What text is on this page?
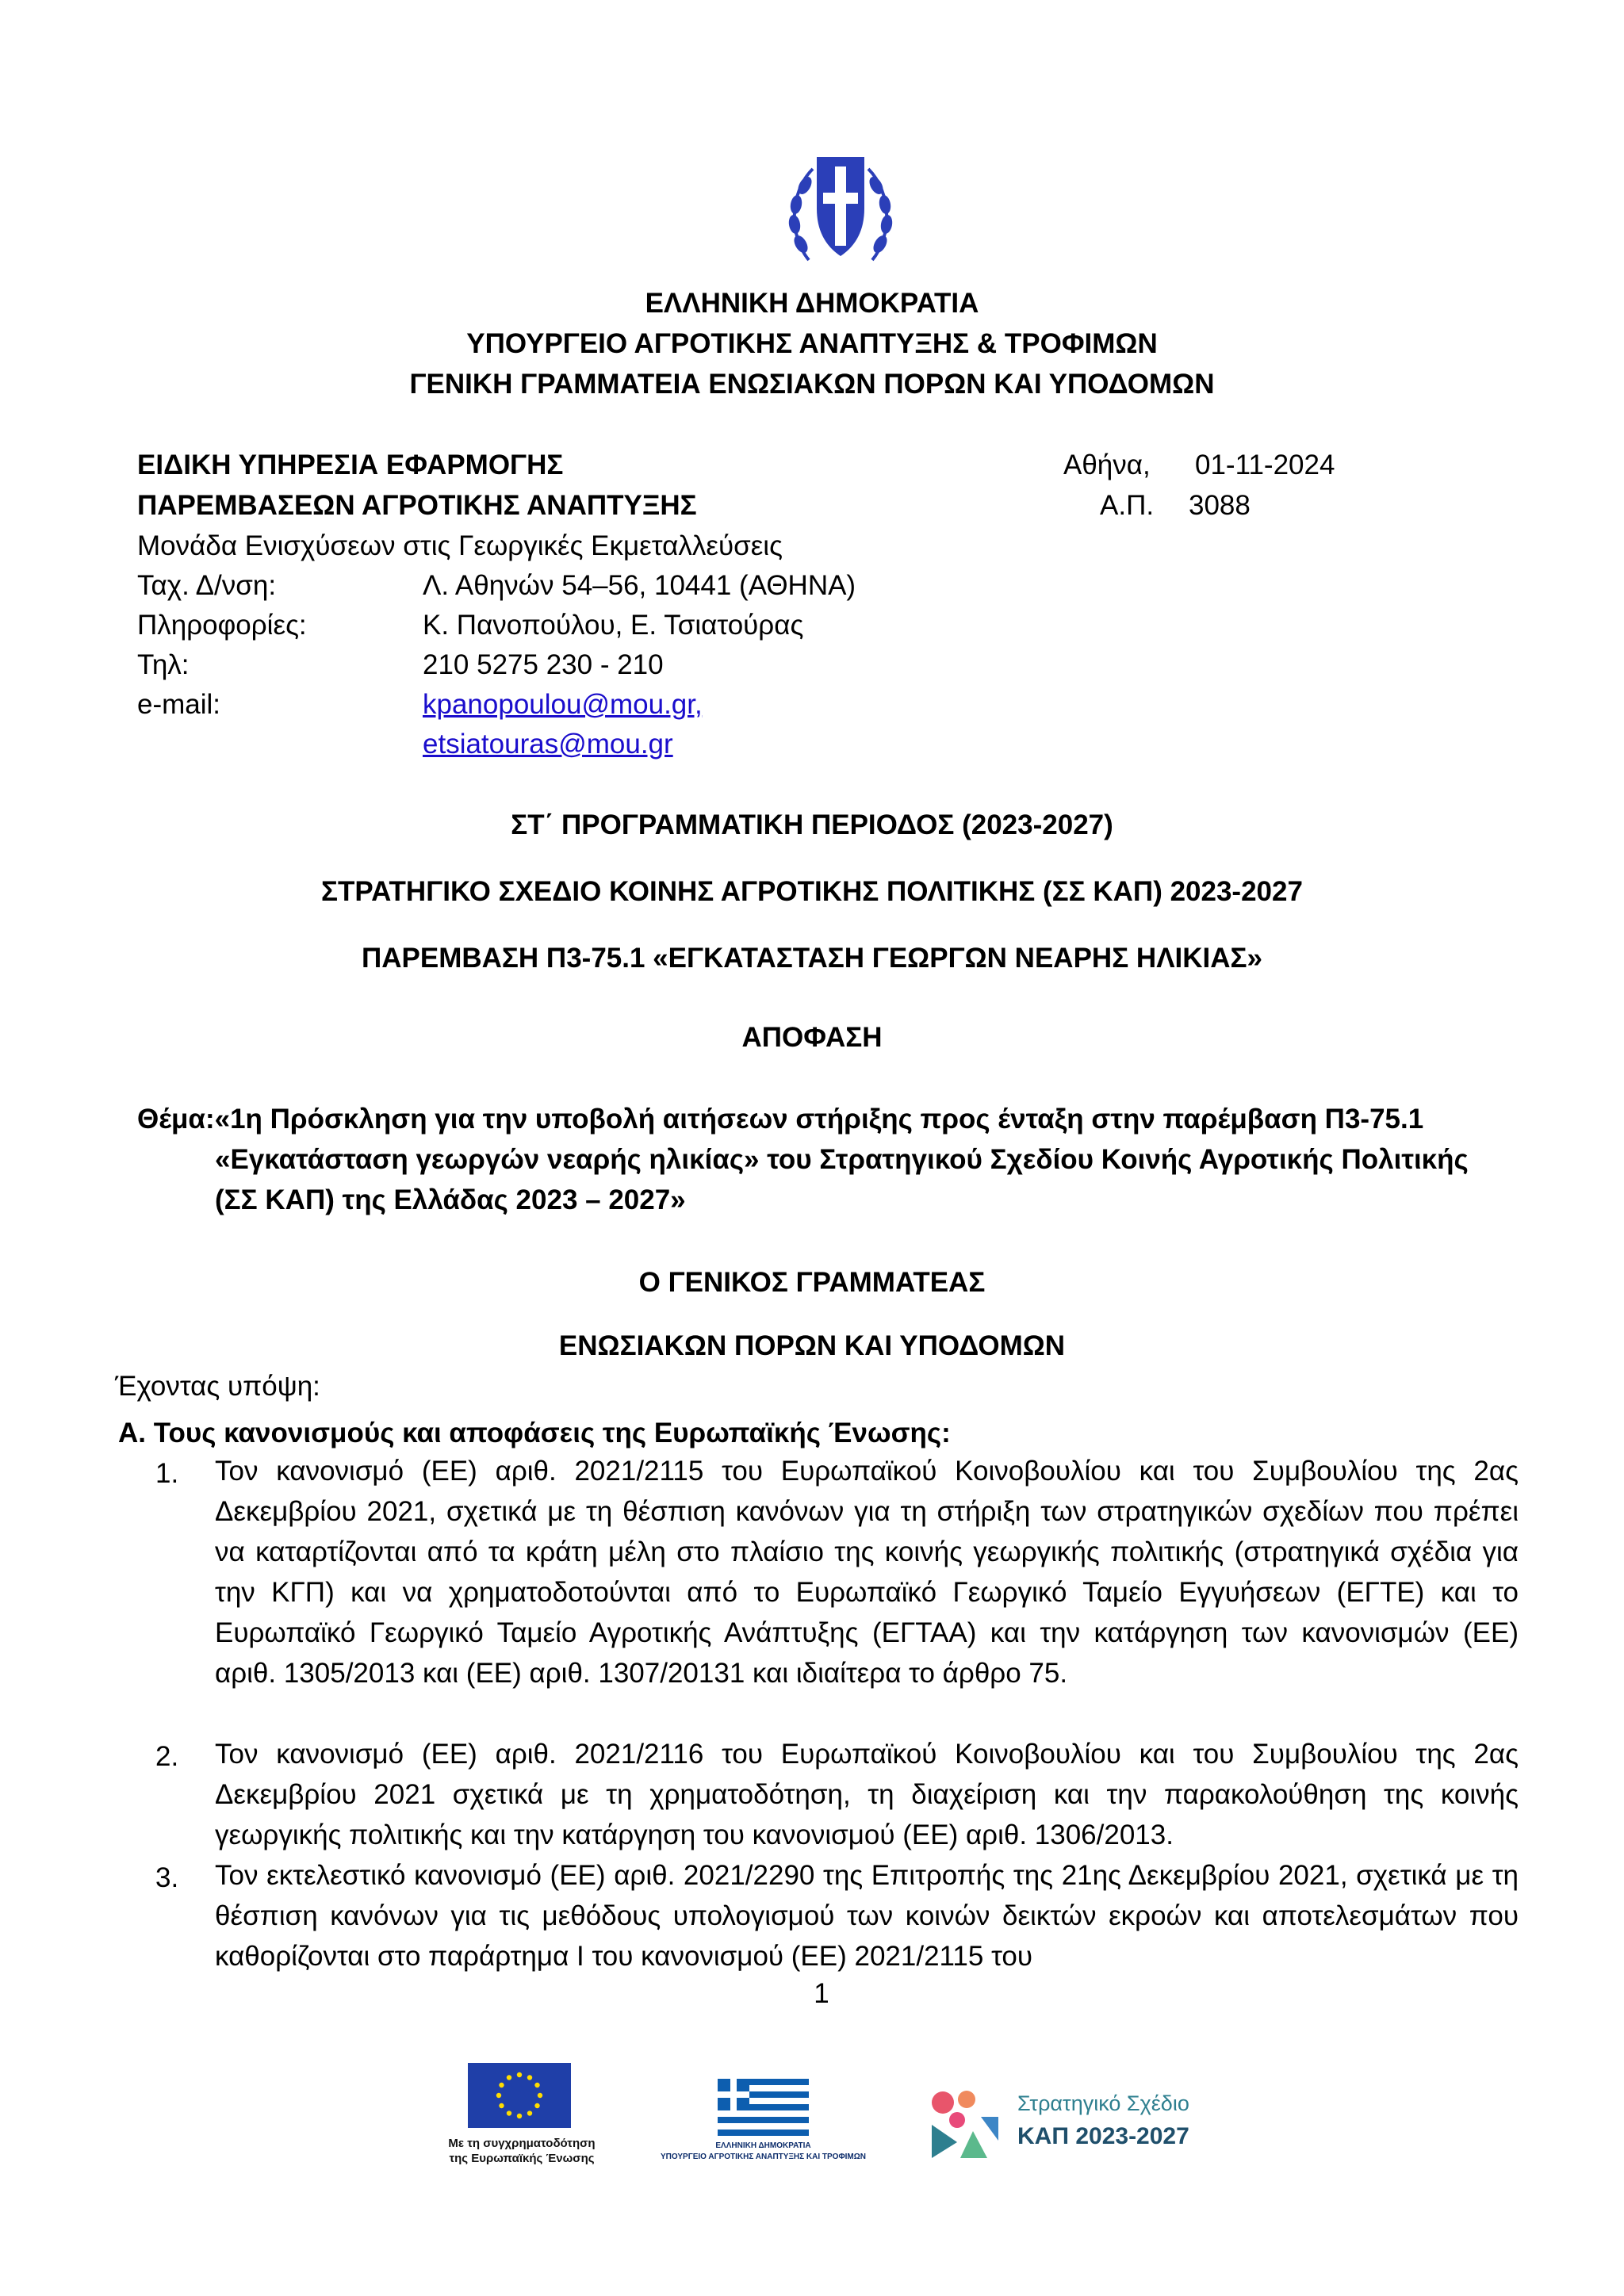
ΕΛΛΗΝΙΚΗ ΔΗΜΟΚΡΑΤΙΑ
ΥΠΟΥΡΓΕΙΟ ΑΓΡΟΤΙΚΗΣ ΑΝΑΠΤΥΞΗΣ & ΤΡΟΦΙΜΩΝ
ΓΕΝΙΚΗ ΓΡΑΜΜΑΤΕΙΑ ΕΝΩΣΙΑΚΩΝ ΠΟΡΩΝ ΚΑΙ ΥΠΟΔΟΜΩΝ
ΕΙΔΙΚΗ ΥΠΗΡΕΣΙΑ ΕΦΑΡΜΟΓΗΣ
ΠΑΡΕΜΒΑΣΕΩΝ ΑΓΡΟΤΙΚΗΣ ΑΝΑΠΤΥΞΗΣ
Μονάδα Ενισχύσεων στις Γεωργικές Εκμεταλλεύσεις
Ταχ. Δ/νση:	Λ. Αθηνών 54–56, 10441 (ΑΘΗΝΑ)
Πληροφορίες:	Κ. Πανοπούλου, Ε. Τσιατούρας
Τηλ:	210 5275 230 - 210
e-mail:	kpanopoulou@mou.gr,
etsiatouras@mou.gr
Αθήνα, 01-11-2024
Α.Π. 3088
ΣΤ΄ ΠΡΟΓΡΑΜΜΑΤΙΚΗ ΠΕΡΙΟΔΟΣ (2023-2027)
ΣΤΡΑΤΗΓΙΚΟ ΣΧΕΔΙΟ ΚΟΙΝΗΣ ΑΓΡΟΤΙΚΗΣ ΠΟΛΙΤΙΚΗΣ (ΣΣ ΚΑΠ) 2023-2027
ΠΑΡΕΜΒΑΣΗ Π3-75.1 «ΕΓΚΑΤΑΣΤΑΣΗ ΓΕΩΡΓΩΝ ΝΕΑΡΗΣ ΗΛΙΚΙΑΣ»
ΑΠΟΦΑΣΗ
Θέμα:«1η Πρόσκληση για την υποβολή αιτήσεων στήριξης προς ένταξη στην παρέμβαση Π3-75.1
«Εγκατάσταση γεωργών νεαρής ηλικίας» του Στρατηγικού Σχεδίου Κοινής Αγροτικής Πολιτικής
(ΣΣ ΚΑΠ) της Ελλάδας 2023 – 2027»
Ο ΓΕΝΙΚΟΣ ΓΡΑΜΜΑΤΕΑΣ
ΕΝΩΣΙΑΚΩΝ ΠΟΡΩΝ ΚΑΙ ΥΠΟΔΟΜΩΝ
Έχοντας υπόψη:
Α. Τους κανονισμούς και αποφάσεις της Ευρωπαϊκής Ένωσης:
1.	Τον κανονισμό (ΕΕ) αριθ. 2021/2115 του Ευρωπαϊκού Κοινοβουλίου και του Συμβουλίου της 2ας Δεκεμβρίου 2021, σχετικά με τη θέσπιση κανόνων για τη στήριξη των στρατηγικών σχεδίων που πρέπει να καταρτίζονται από τα κράτη μέλη στο πλαίσιο της κοινής γεωργικής πολιτικής (στρατηγικά σχέδια για την ΚΓΠ) και να χρηματοδοτούνται από το Ευρωπαϊκό Γεωργικό Ταμείο Εγγυήσεων (ΕΓΤΕ) και το Ευρωπαϊκό Γεωργικό Ταμείο Αγροτικής Ανάπτυξης (ΕΓΤΑΑ) και την κατάργηση των κανονισμών (ΕΕ) αριθ. 1305/2013 και (ΕΕ) αριθ. 1307/20131 και ιδιαίτερα το άρθρο 75.
2.	Τον κανονισμό (ΕΕ) αριθ. 2021/2116 του Ευρωπαϊκού Κοινοβουλίου και του Συμβουλίου της 2ας Δεκεμβρίου 2021 σχετικά με τη χρηματοδότηση, τη διαχείριση και την παρακολούθηση της κοινής γεωργικής πολιτικής και την κατάργηση του κανονισμού (ΕΕ) αριθ. 1306/2013.
3.	Τον εκτελεστικό κανονισμό (ΕΕ) αριθ. 2021/2290 της Επιτροπής της 21ης Δεκεμβρίου 2021, σχετικά με τη θέσπιση κανόνων για τις μεθόδους υπολογισμού των κοινών δεικτών εκροών και αποτελεσμάτων που καθορίζονται στο παράρτημα Ι του κανονισμού (ΕΕ) 2021/2115 του
1
Με τη συγχρηματοδότηση
της Ευρωπαϊκής Ένωσης
ΕΛΛΗΝΙΚΗ ΔΗΜΟΚΡΑΤΙΑ
ΥΠΟΥΡΓΕΙΟ ΑΓΡΟΤΙΚΗΣ ΑΝΑΠΤΥΞΗΣ ΚΑΙ ΤΡΟΦΙΜΩΝ
Στρατηγικό Σχέδιο
ΚΑΠ 2023-2027
